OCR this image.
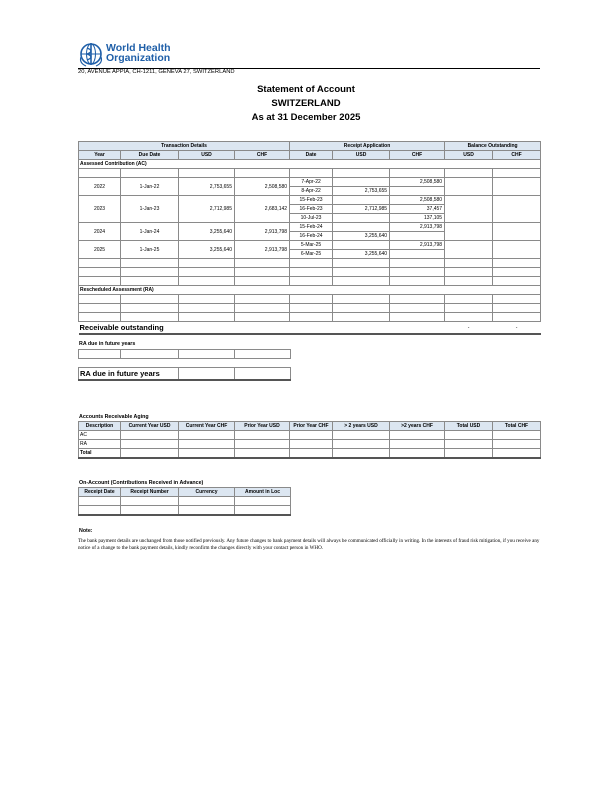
World Health
Organization
20, AVENUE APPIA, CH-1211, GENEVA 27, SWITZERLAND
Statement of Account
SWITZERLAND
As at 31 December 2025
Transaction Details				Receipt Application			Balance Outstanding	
Year	Due Date	USD	CHF	Date	USD	CHF	USD	CHF
Assessed Contribution (AC)								

2022	1-Jan-22	2,753,655	2,508,580	7-Apr-22		2,508,580		
				8-Apr-22	2,753,655			
2023	1-Jan-23	2,712,985	2,683,142	15-Feb-23		2,508,580		
				16-Feb-23	2,712,985	37,457		
				10-Jul-23		137,105		
2024	1-Jan-24	3,255,640	2,913,798	15-Feb-24		2,913,798		
				16-Feb-24	3,255,640			
2025	1-Jan-25	3,255,640	2,913,798	5-Mar-25		2,913,798		
				6-Mar-25	3,255,640			

Rescheduled Assessment (RA)								

Receivable outstanding							-	-
RA due in future years

RA due in future years		
Accounts Receivable Aging
Description	Current Year USD	Current Year CHF	Prior Year USD	Prior Year CHF	> 2 years USD	>2 years CHF	Total USD	Total CHF
AC								
RA								
Total								
On-Account (Contributions Received in Advance)
Receipt Date	Receipt Number	Currency	Amount in Loc

Note:
The bank payment details are unchanged from those notified previously. Any future changes to bank payment details will always be communicated officially in writing. In the interests of fraud risk mitigation, if you receive any notice of a change to the bank payment details, kindly reconfirm the changes directly with your contact person in WHO.
